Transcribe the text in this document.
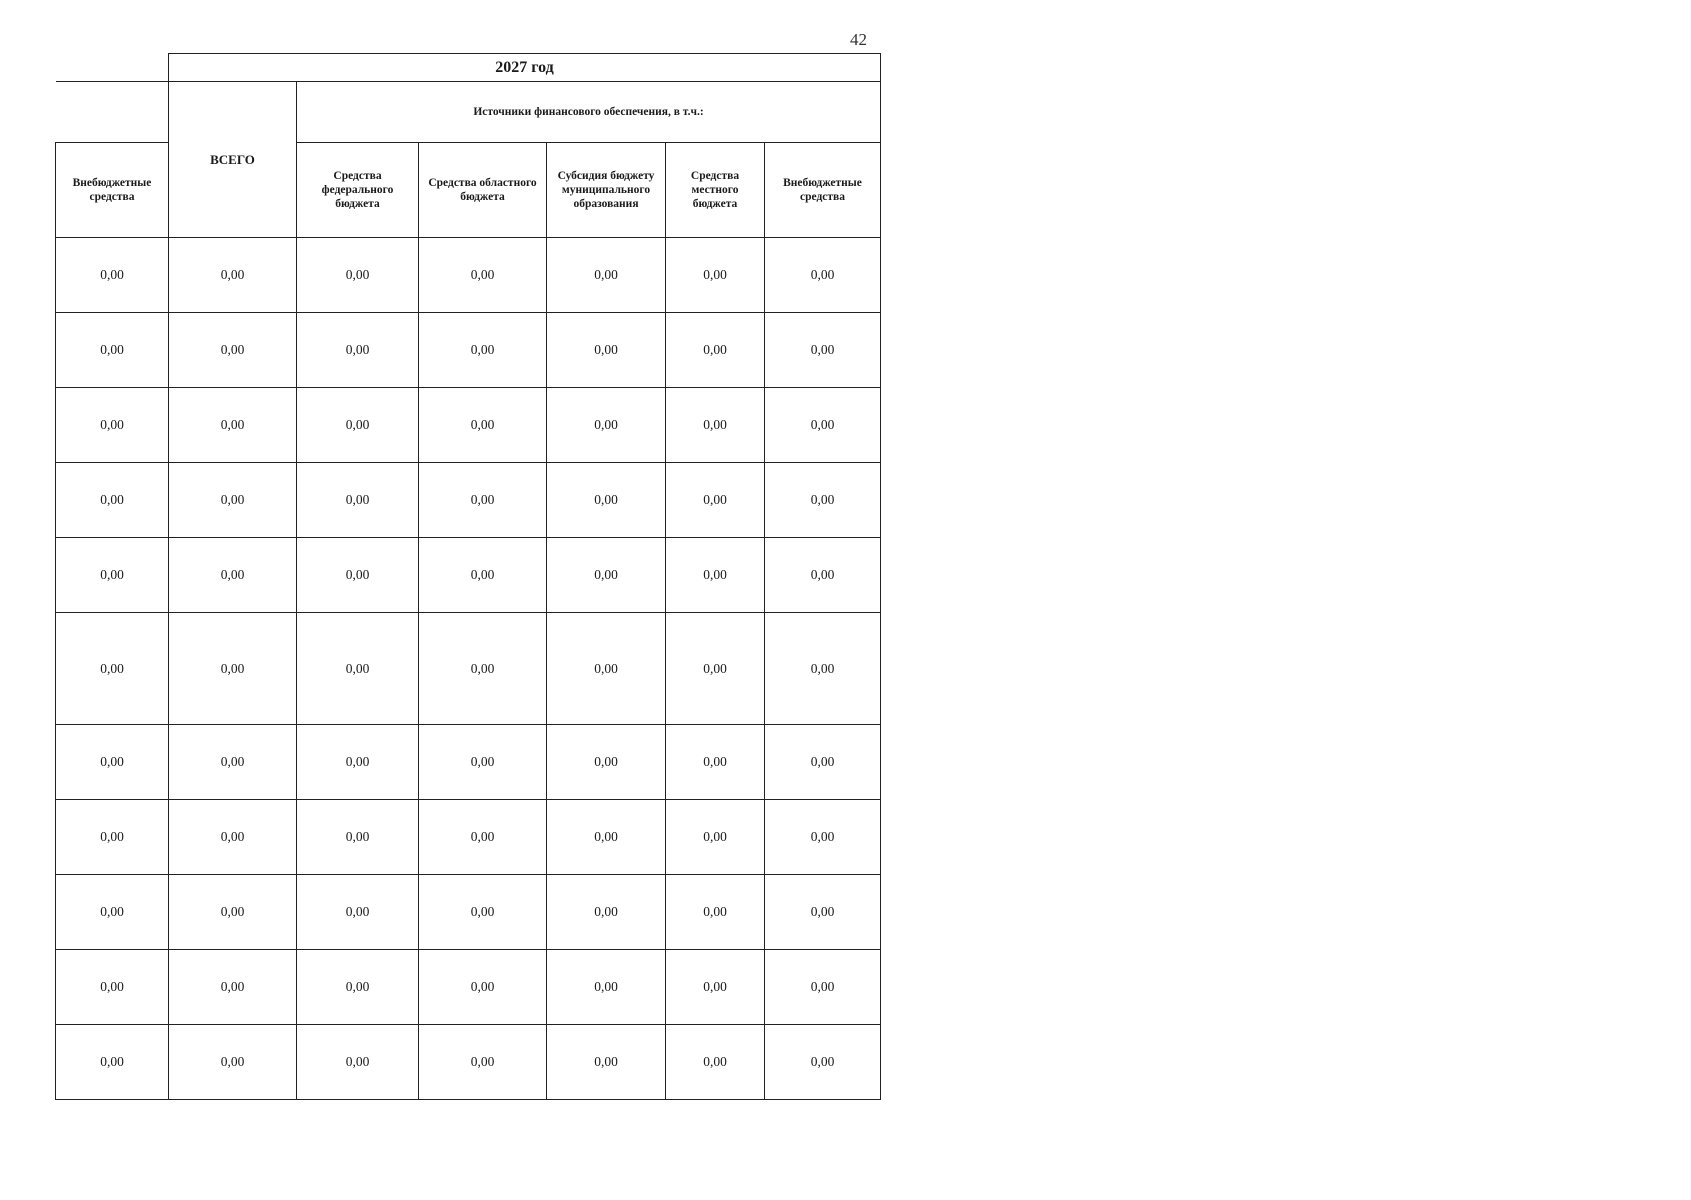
42
	2027 год					
	ВСЕГО	Источники финансового обеспечения, в т.ч.:				
Внебюджетные средства		Средства федерального бюджета	Средства областного бюджета	Субсидия бюджету муниципального образования	Средства местного бюджета	Внебюджетные средства
0,00	0,00	0,00	0,00	0,00	0,00	0,00
0,00	0,00	0,00	0,00	0,00	0,00	0,00
0,00	0,00	0,00	0,00	0,00	0,00	0,00
0,00	0,00	0,00	0,00	0,00	0,00	0,00
0,00	0,00	0,00	0,00	0,00	0,00	0,00
0,00	0,00	0,00	0,00	0,00	0,00	0,00
0,00	0,00	0,00	0,00	0,00	0,00	0,00
0,00	0,00	0,00	0,00	0,00	0,00	0,00
0,00	0,00	0,00	0,00	0,00	0,00	0,00
0,00	0,00	0,00	0,00	0,00	0,00	0,00
0,00	0,00	0,00	0,00	0,00	0,00	0,00
